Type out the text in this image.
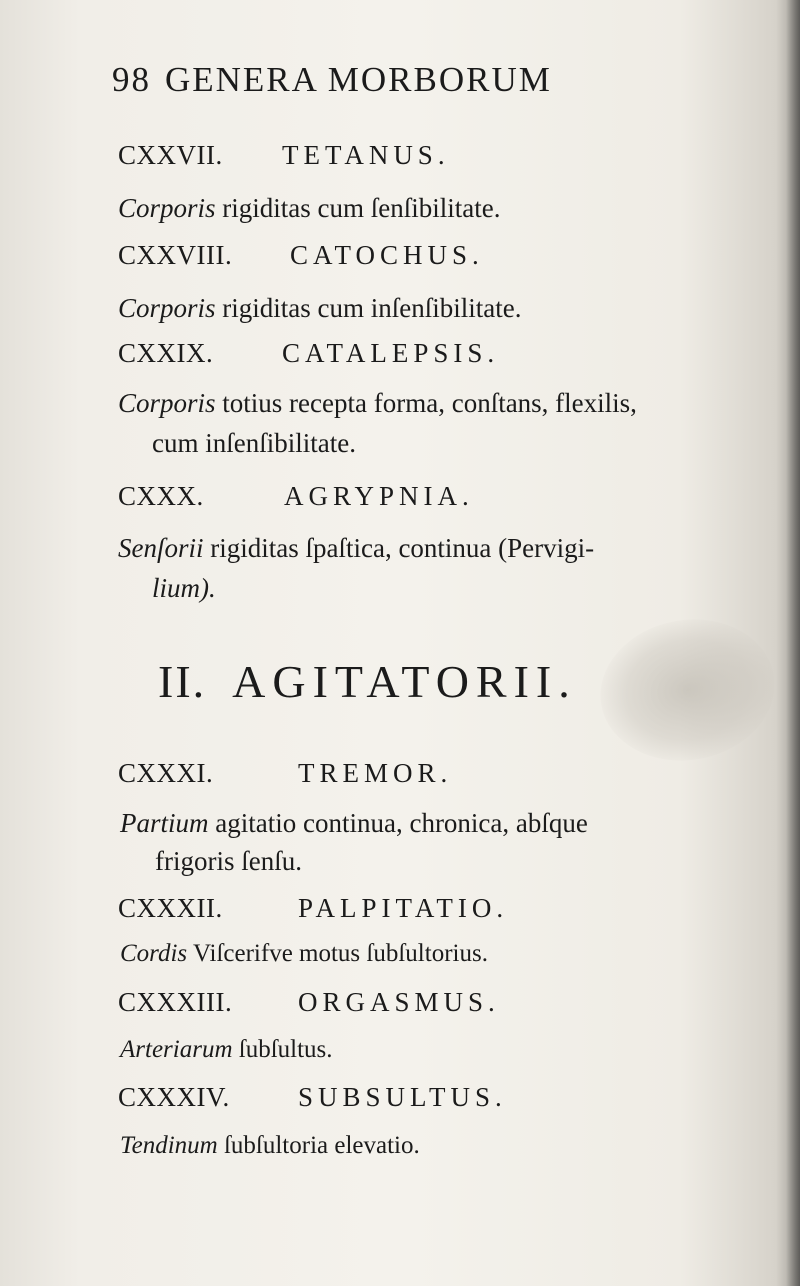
98 GENERA MORBORUM
CXXVII. TETANUS.
Corporis rigiditas cum ſenſibilitate.
CXXVIII. CATOCHUS.
Corporis rigiditas cum inſenſibilitate.
CXXIX.	CATALEPSIS.
Corporis totius recepta forma, conſtans, flexilis,
cum inſenſibilitate.
CXXX.	AGRYPNIA.
Senſorii rigiditas ſpaſtica, continua (Pervigi-
lium).
II. AGITATORII.
CXXXI.	TREMOR.
Partium agitatio continua, chronica, abſque
frigoris ſenſu.
CXXXII.	PALPITATIO.
Cordis Viſcerifve motus ſubſultorius.
CXXXIII. ORGASMUS.
Arteriarum ſubſultus.
CXXXIV.	SUBSULTUS.
Tendinum ſubſultoria elevatio.
